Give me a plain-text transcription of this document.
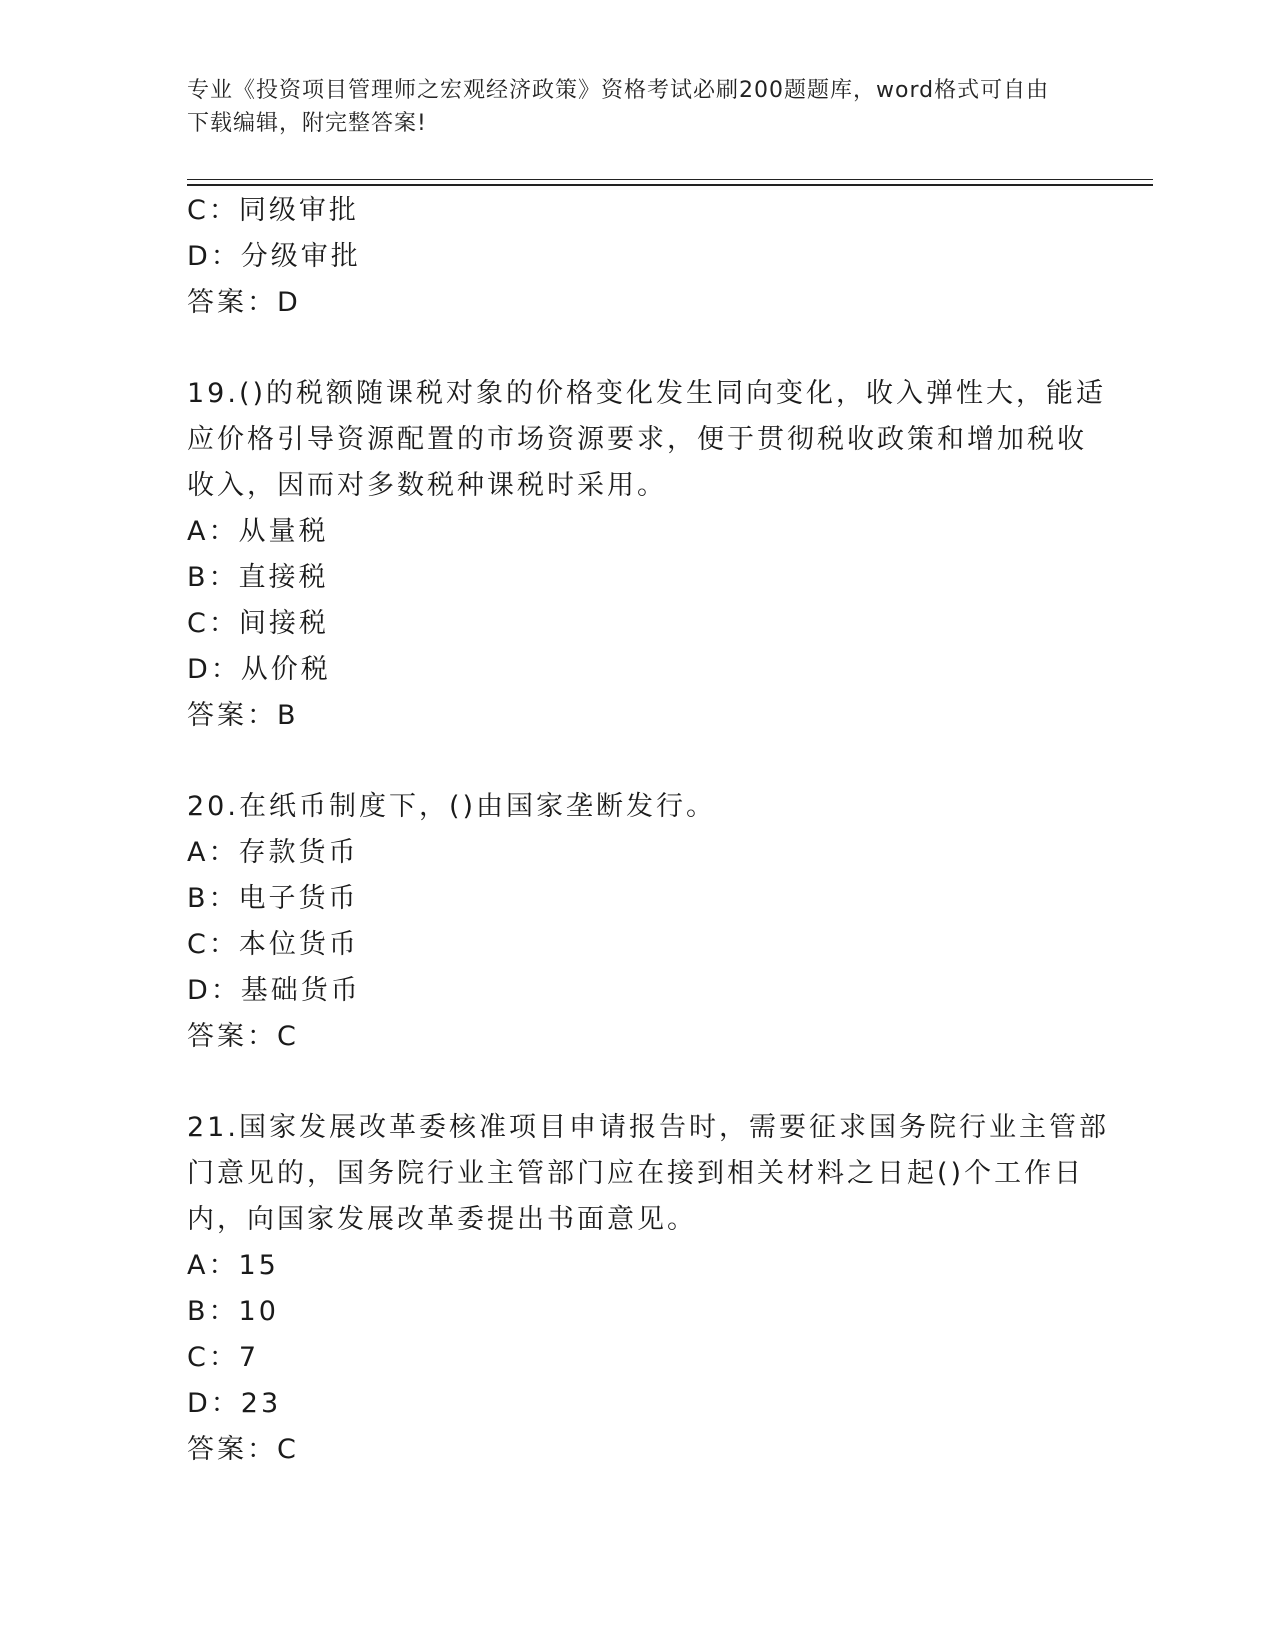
专业《投资项目管理师之宏观经济政策》资格考试必刷200题题库，word格式可自由下载编辑，附完整答案!
C：同级审批
D：分级审批
答案：D
19.()的税额随课税对象的价格变化发生同向变化，收入弹性大，能适
应价格引导资源配置的市场资源要求，便于贯彻税收政策和增加税收
收入，因而对多数税种课税时采用。
A：从量税
B：直接税
C：间接税
D：从价税
答案：B
20.在纸币制度下，()由国家垄断发行。
A：存款货币
B：电子货币
C：本位货币
D：基础货币
答案：C
21.国家发展改革委核准项目申请报告时，需要征求国务院行业主管部
门意见的，国务院行业主管部门应在接到相关材料之日起()个工作日
内，向国家发展改革委提出书面意见。
A：15
B：10
C：7
D：23
答案：C
